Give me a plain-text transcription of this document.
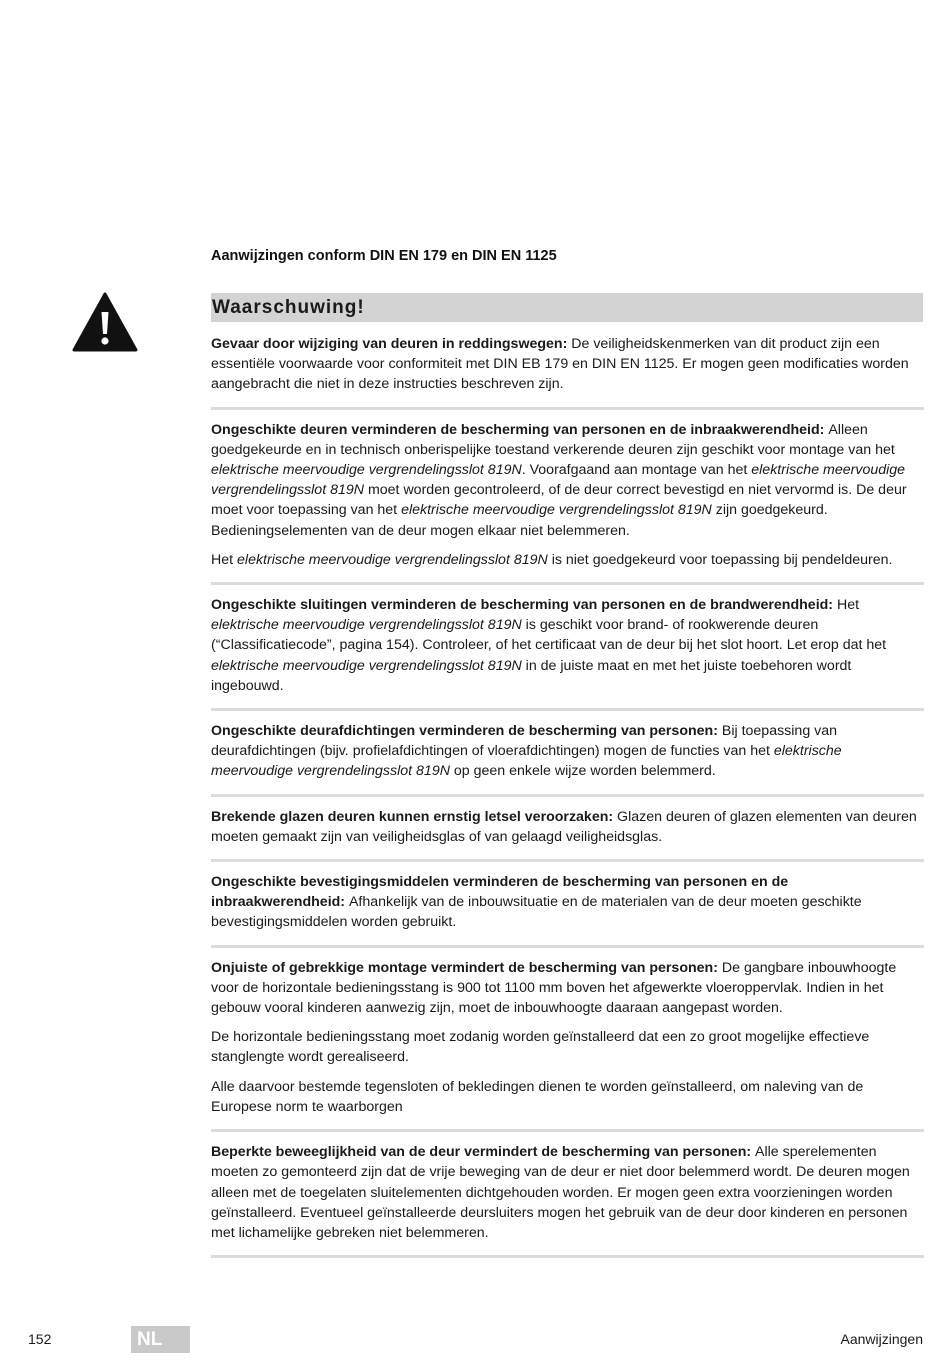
Aanwijzingen conform DIN EN 179 en DIN EN 1125
Waarschuwing!

Gevaar door wijziging van deuren in reddingswegen: De veiligheidskenmerken van dit product zijn een essentiële voorwaarde voor conformiteit met DIN EB 179 en DIN EN 1125. Er mogen geen modificaties worden aangebracht die niet in deze instructies beschreven zijn.

Ongeschikte deuren verminderen de bescherming van personen en de inbraakwerendheid: Alleen goedgekeurde en in technisch onberispelijke toestand verkerende deuren zijn geschikt voor montage van het elektrische meervoudige vergrendelingsslot 819N. Voorafgaand aan montage van het elektrische meervoudige vergrendelingsslot 819N moet worden gecontroleerd, of de deur correct bevestigd en niet vervormd is. De deur moet voor toepassing van het elektrische meervoudige vergrendelingsslot 819N zijn goedgekeurd. Bedieningselementen van de deur mogen elkaar niet belemmeren.

Het elektrische meervoudige vergrendelingsslot 819N is niet goedgekeurd voor toepassing bij pendeldeuren.

Ongeschikte sluitingen verminderen de bescherming van personen en de brandwerendheid: Het elektrische meervoudige vergrendelingsslot 819N is geschikt voor brand- of rookwerende deuren (“Classificatiecode”, pagina 154). Controleer, of het certificaat van de deur bij het slot hoort. Let erop dat het elektrische meervoudige vergrendelingsslot 819N in de juiste maat en met het juiste toebehoren wordt ingebouwd.

Ongeschikte deurafdichtingen verminderen de bescherming van personen: Bij toepassing van deurafdichtingen (bijv. profielafdichtingen of vloerafdichtingen) mogen de functies van het elektrische meervoudige vergrendelingsslot 819N op geen enkele wijze worden belemmerd.

Brekende glazen deuren kunnen ernstig letsel veroorzaken: Glazen deuren of glazen elementen van deuren moeten gemaakt zijn van veiligheidsglas of van gelaagd veiligheidsglas.

Ongeschikte bevestigingsmiddelen verminderen de bescherming van personen en de inbraakwerendheid: Afhankelijk van de inbouwsituatie en de materialen van de deur moeten geschikte bevestigingsmiddelen worden gebruikt.

Onjuiste of gebrekkige montage vermindert de bescherming van personen: De gangbare inbouwhoogte voor de horizontale bedieningsstang is 900 tot 1100 mm boven het afgewerkte vloeroppervlak. Indien in het gebouw vooral kinderen aanwezig zijn, moet de inbouwhoogte daaraan aangepast worden.

De horizontale bedieningsstang moet zodanig worden geïnstalleerd dat een zo groot mogelijke effectieve stanglengte wordt gerealiseerd.

Alle daarvoor bestemde tegensloten of bekledingen dienen te worden geïnstalleerd, om naleving van de Europese norm te waarborgen

Beperkte beweeglijkheid van de deur vermindert de bescherming van personen: Alle sperelementen moeten zo gemonteerd zijn dat de vrije beweging van de deur er niet door belemmerd wordt. De deuren mogen alleen met de toegelaten sluitelementen dichtgehouden worden. Er mogen geen extra voorzieningen worden geïnstalleerd. Eventueel geïnstalleerde deursluiters mogen het gebruik van de deur door kinderen en personen met lichamelijke gebreken niet belemmeren.

152	NL	Aanwijzingen
